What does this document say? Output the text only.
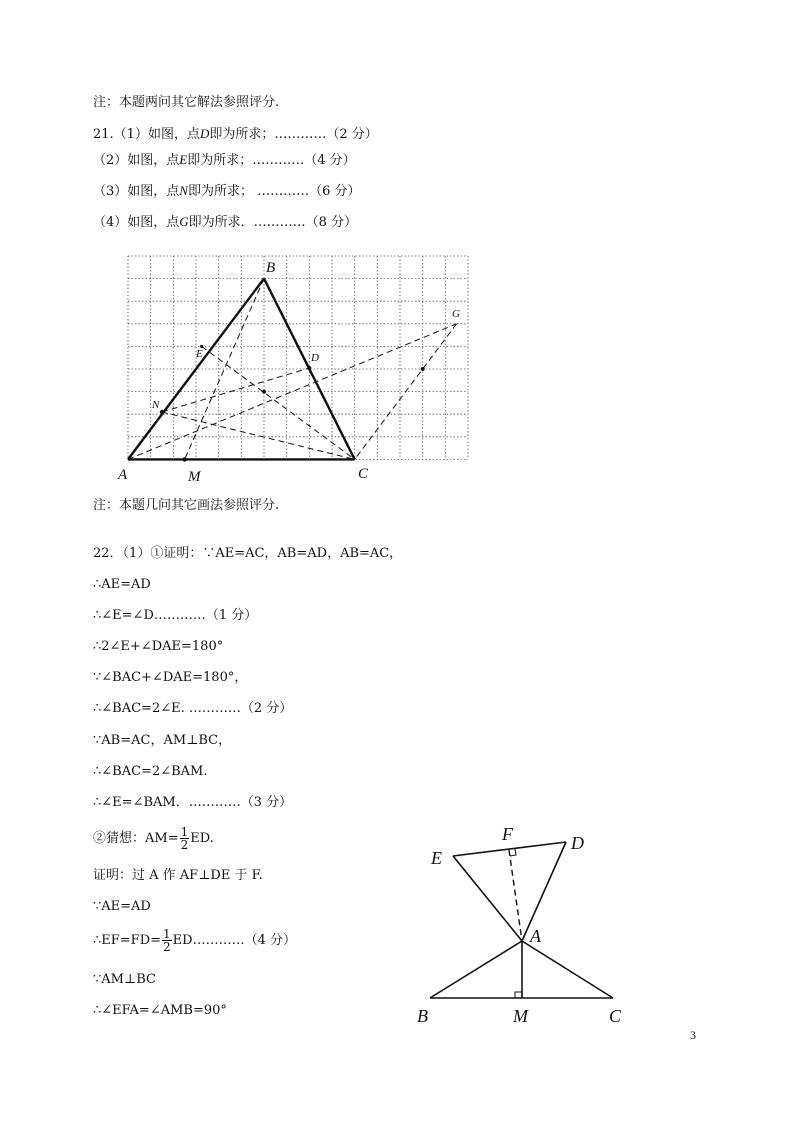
注：本题两问其它解法参照评分.
21.（1）如图，点D即为所求；…………（2 分）
（2）如图，点E即为所求；…………（4 分）
（3）如图，点N即为所求； …………（6 分）
（4）如图，点G即为所求．…………（8 分）
B
A	M	C
D
E
N
G
注：本题几问其它画法参照评分.
22．（1）①证明：∵AE=AC，AB=AD，AB=AC，
∴AE=AD
∴∠E=∠D…………（1 分）
∴2∠E+∠DAE=180°
∵∠BAC+∠DAE=180°，
∴∠BAC=2∠E. …………（2 分）
∵AB=AC，AM⊥BC，
∴∠BAC=2∠BAM.
∴∠E=∠BAM．…………（3 分）
②猜想：$AM= \frac{1}{2}$ ED.
证明：过 A 作 AF⊥DE 于 F.
∵AE=AD
∴EF=FD= $\frac{1}{2}$ ED…………（4 分）
∵AM⊥BC
∴∠EFA=∠AMB=90°
E
F	D
A
B	M	C
3
